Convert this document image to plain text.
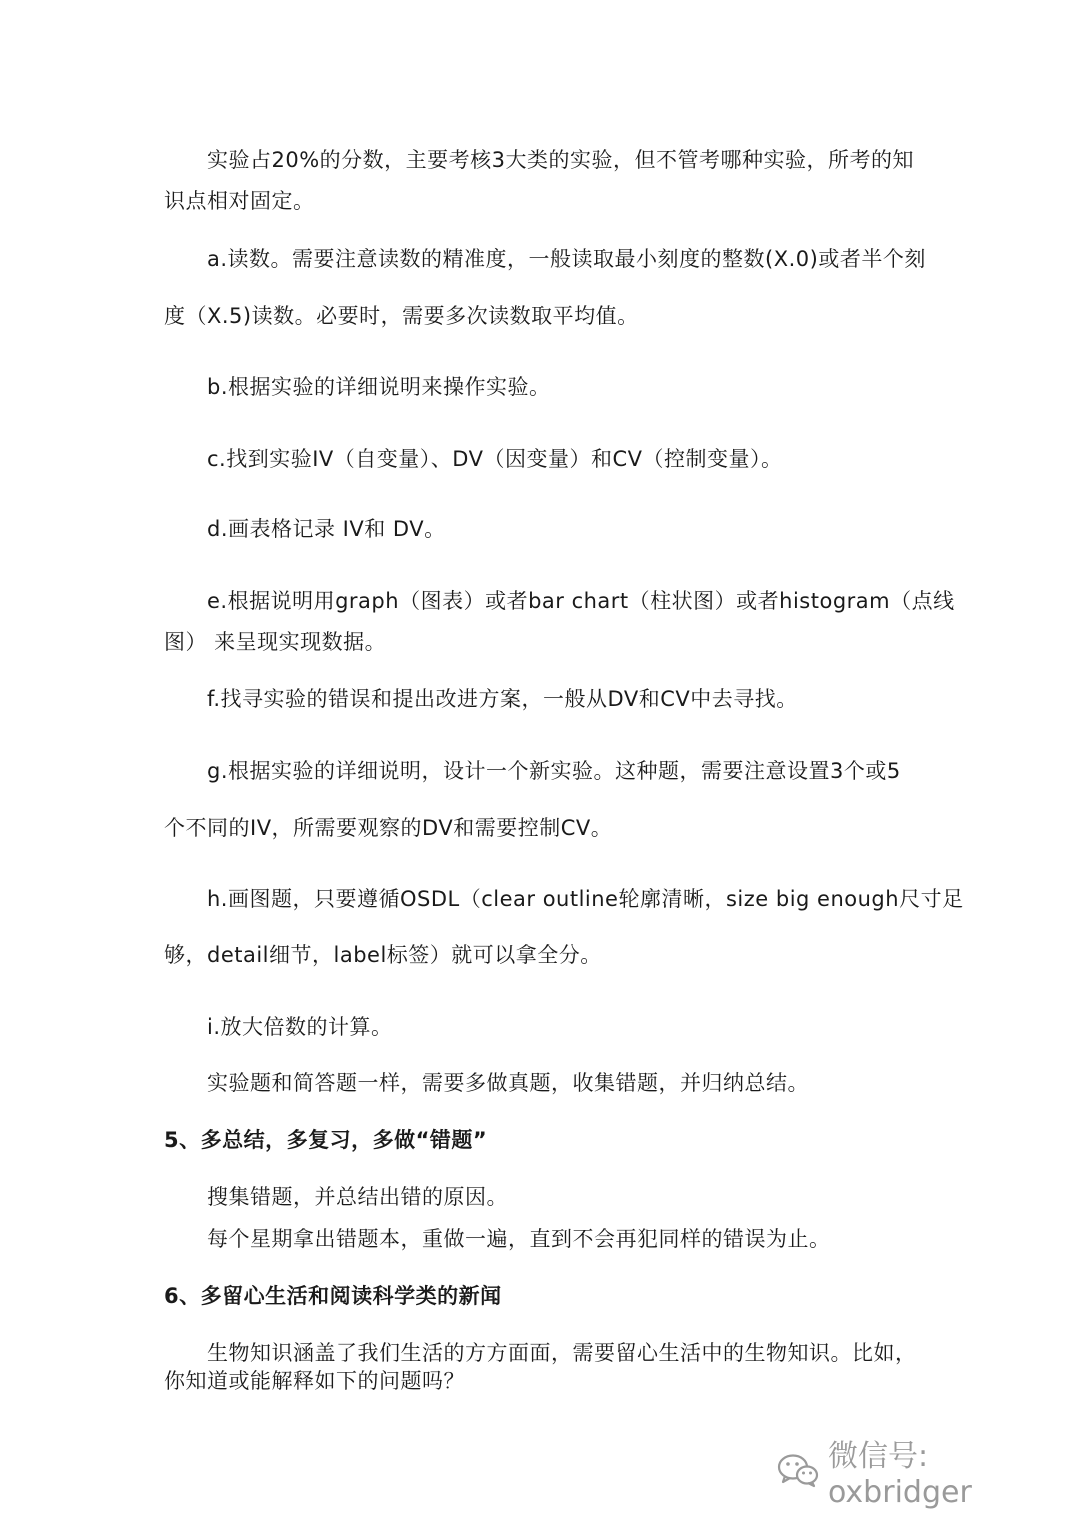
实验占20%的分数，主要考核3大类的实验，但不管考哪种实验，所考的知
识点相对固定。
a.读数。需要注意读数的精准度，一般读取最小刻度的整数(X.0)或者半个刻
度（X.5)读数。必要时，需要多次读数取平均值。
b.根据实验的详细说明来操作实验。
c.找到实验IV（自变量）、DV（因变量）和CV（控制变量）。
d.画表格记录 IV和 DV。
e.根据说明用graph（图表）或者bar chart（柱状图）或者histogram（点线
图） 来呈现实现数据。
f.找寻实验的错误和提出改进方案，一般从DV和CV中去寻找。
g.根据实验的详细说明，设计一个新实验。这种题，需要注意设置3个或5
个不同的IV，所需要观察的DV和需要控制CV。
h.画图题，只要遵循OSDL（clear outline轮廓清晰，size big enough尺寸足
够，detail细节，label标签）就可以拿全分。
i.放大倍数的计算。
实验题和简答题一样，需要多做真题，收集错题，并归纳总结。
5、多总结，多复习，多做“错题”
搜集错题，并总结出错的原因。
每个星期拿出错题本，重做一遍，直到不会再犯同样的错误为止。
6、多留心生活和阅读科学类的新闻
生物知识涵盖了我们生活的方方面面，需要留心生活中的生物知识。比如，
你知道或能解释如下的问题吗？
微信号: oxbridger
